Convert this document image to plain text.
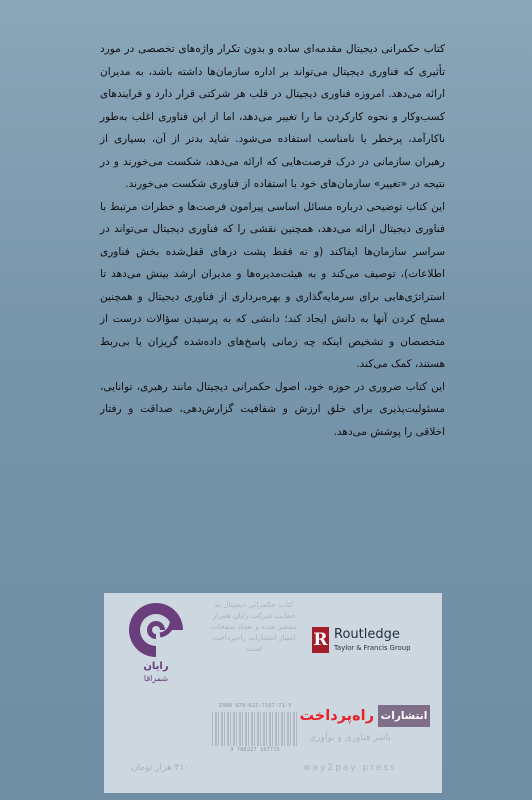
کتاب حکمرانی دیجیتال مقدمه‌ای ساده و بدون تکرار واژه‌های تخصصی در مورد تأثیری که فناوری دیجیتال می‌تواند بر اداره سازمان‌ها داشته باشد، به مدیران ارائه می‌دهد. امروزه فناوری دیجیتال در قلب هر شرکتی قرار دارد و فرایندهای کسب‌وکار و نحوه کارکردن ما را تغییر می‌دهد، اما از این فناوری اغلب به‌طور ناکارآمد، پرخطر یا نامناسب استفاده می‌شود. شاید بدتر از آن، بسیاری از رهبران سازمانی در درک فرصت‌هایی که ارائه می‌دهد، شکست می‌خورند و در نتیجه در «تغییر» سازمان‌های خود با استفاده از فناوری شکست می‌خورند.

این کتاب توضیحی درباره مسائل اساسی پیرامون فرصت‌ها و خطرات مرتبط با فناوری دیجیتال ارائه می‌دهد، همچنین نقشی را که فناوری دیجیتال می‌تواند در سراسر سازمان‌ها ایفاکند (و نه فقط پشت درهای قفل‌شده بخش فناوری اطلاعات)، توصیف می‌کند و به هیئت‌مدیره‌ها و مدیران ارشد بینش می‌دهد تا استراتژی‌هایی برای سرمایه‌گذاری و بهره‌برداری از فناوری دیجیتال و همچنین مسلح کردن آنها به دانش ایجاد کند؛ دانشی که به پرسیدن سؤالات درست از متخصصان و تشخیص اینکه چه زمانی پاسخ‌های داده‌شده گریزان یا بی‌ربط هستند، کمک می‌کند.

این کتاب ضروری در حوزه خود، اصول حکمرانی دیجیتال مانند رهبری، توانایی، مسئولیت‌پذیری برای خلق ارزش و شفافیت گزارش‌دهی، صداقت و رفتار اخلاقی را پوشش می‌دهد.

رایان
شمراقا
کتاب حکمرانی دیجیتال به حمایت شرکت رایان همراز منتشر شده و تعداد صفحات امتیاز انتشارات راه‌پرداخت است	R Routledge
Taylor & Francis Group
ISBN 978-622-7167-71-5
9 786227 167715
۳۱۰ هزار تومان
انتشارات
راه‌پرداخت
ناشر فناوری و نوآوری
way2pay press
